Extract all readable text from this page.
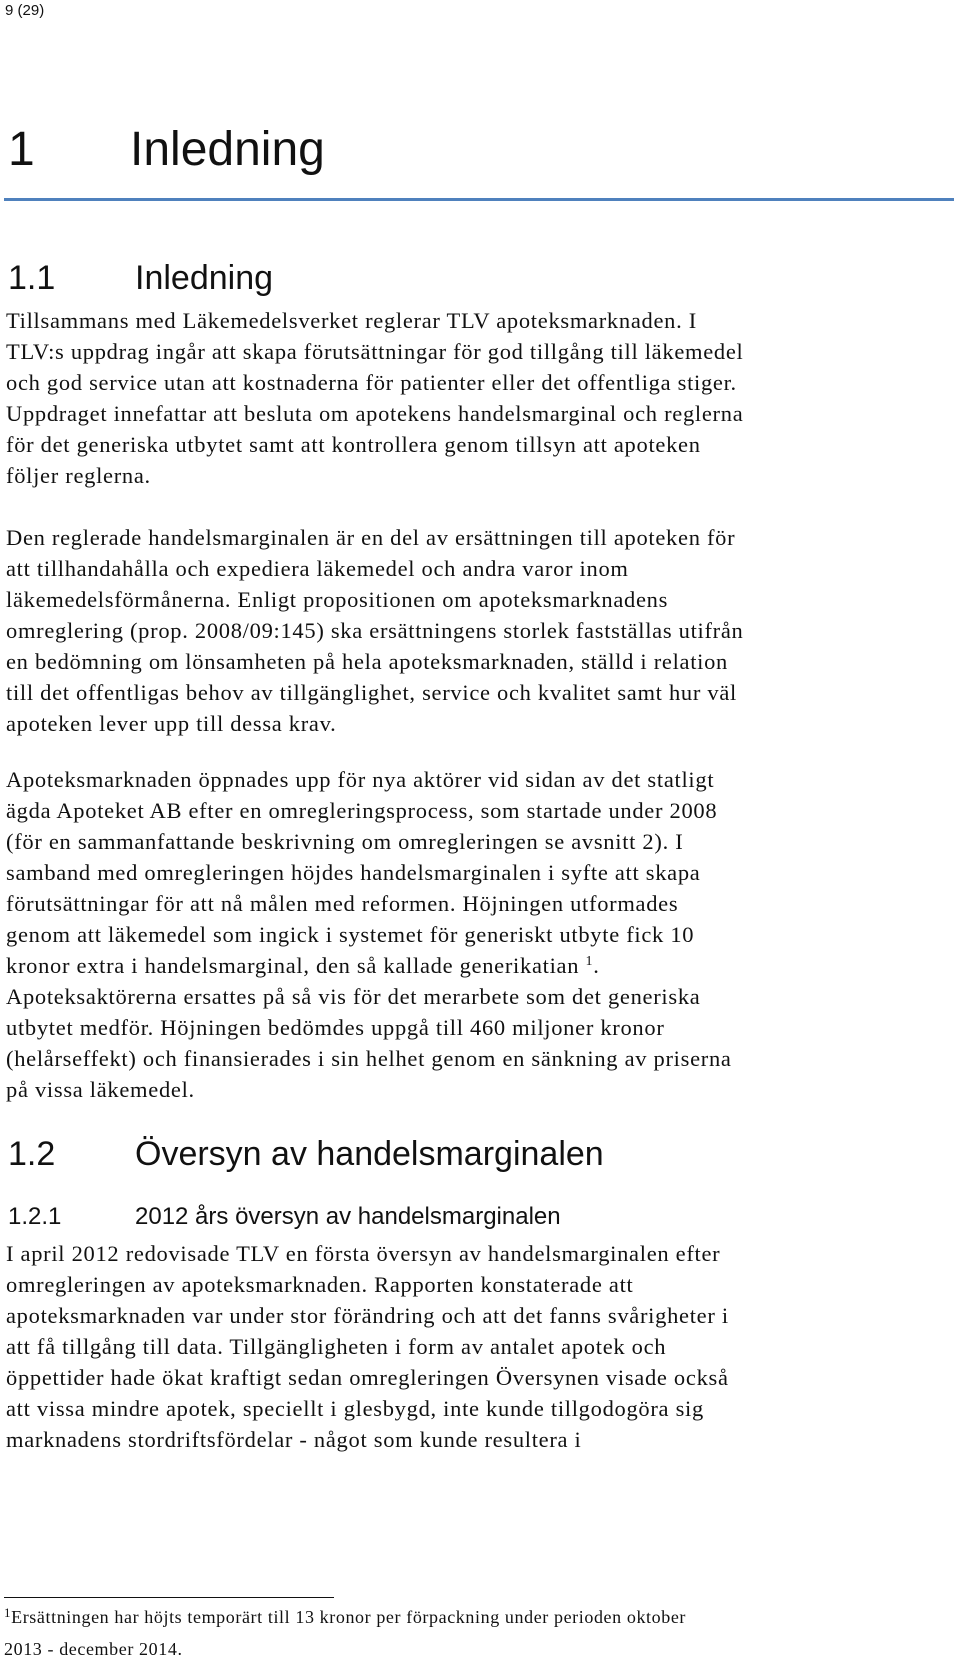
9 (29)
1 Inledning
1.1 Inledning

Tillsammans med Läkemedelsverket reglerar TLV apoteksmarknaden. I
TLV:s uppdrag ingår att skapa förutsättningar för god tillgång till läkemedel
och god service utan att kostnaderna för patienter eller det offentliga stiger.
Uppdraget innefattar att besluta om apotekens handelsmarginal och reglerna
för det generiska utbytet samt att kontrollera genom tillsyn att apoteken
följer reglerna.

Den reglerade handelsmarginalen är en del av ersättningen till apoteken för
att tillhandahålla och expediera läkemedel och andra varor inom
läkemedelsförmånerna. Enligt propositionen om apoteksmarknadens
omreglering (prop. 2008/09:145) ska ersättningens storlek fastställas utifrån
en bedömning om lönsamheten på hela apoteksmarknaden, ställd i relation
till det offentligas behov av tillgänglighet, service och kvalitet samt hur väl
apoteken lever upp till dessa krav.

Apoteksmarknaden öppnades upp för nya aktörer vid sidan av det statligt
ägda Apoteket AB efter en omregleringsprocess, som startade under 2008
(för en sammanfattande beskrivning om omregleringen se avsnitt 2). I
samband med omregleringen höjdes handelsmarginalen i syfte att skapa
förutsättningar för att nå målen med reformen. Höjningen utformades
genom att läkemedel som ingick i systemet för generiskt utbyte fick 10
kronor extra i handelsmarginal, den så kallade generikatian $^1$.
Apoteksaktörerna ersattes på så vis för det merarbete som det generiska
utbytet medför. Höjningen bedömdes uppgå till 460 miljoner kronor
(helårseffekt) och finansierades i sin helhet genom en sänkning av priserna
på vissa läkemedel.

1.2 Översyn av handelsmarginalen
1.2.1	2012 års översyn av handelsmarginalen

I april 2012 redovisade TLV en första översyn av handelsmarginalen efter
omregleringen av apoteksmarknaden. Rapporten konstaterade att
apoteksmarknaden var under stor förändring och att det fanns svårigheter i
att få tillgång till data. Tillgängligheten i form av antalet apotek och
öppettider hade ökat kraftigt sedan omregleringen Översynen visade också
att vissa mindre apotek, speciellt i glesbygd, inte kunde tillgodogöra sig
marknadens stordriftsfördelar - något som kunde resultera i

$^1$Ersättningen har höjts temporärt till 13 kronor per förpackning under perioden oktober
2013 - december 2014.
